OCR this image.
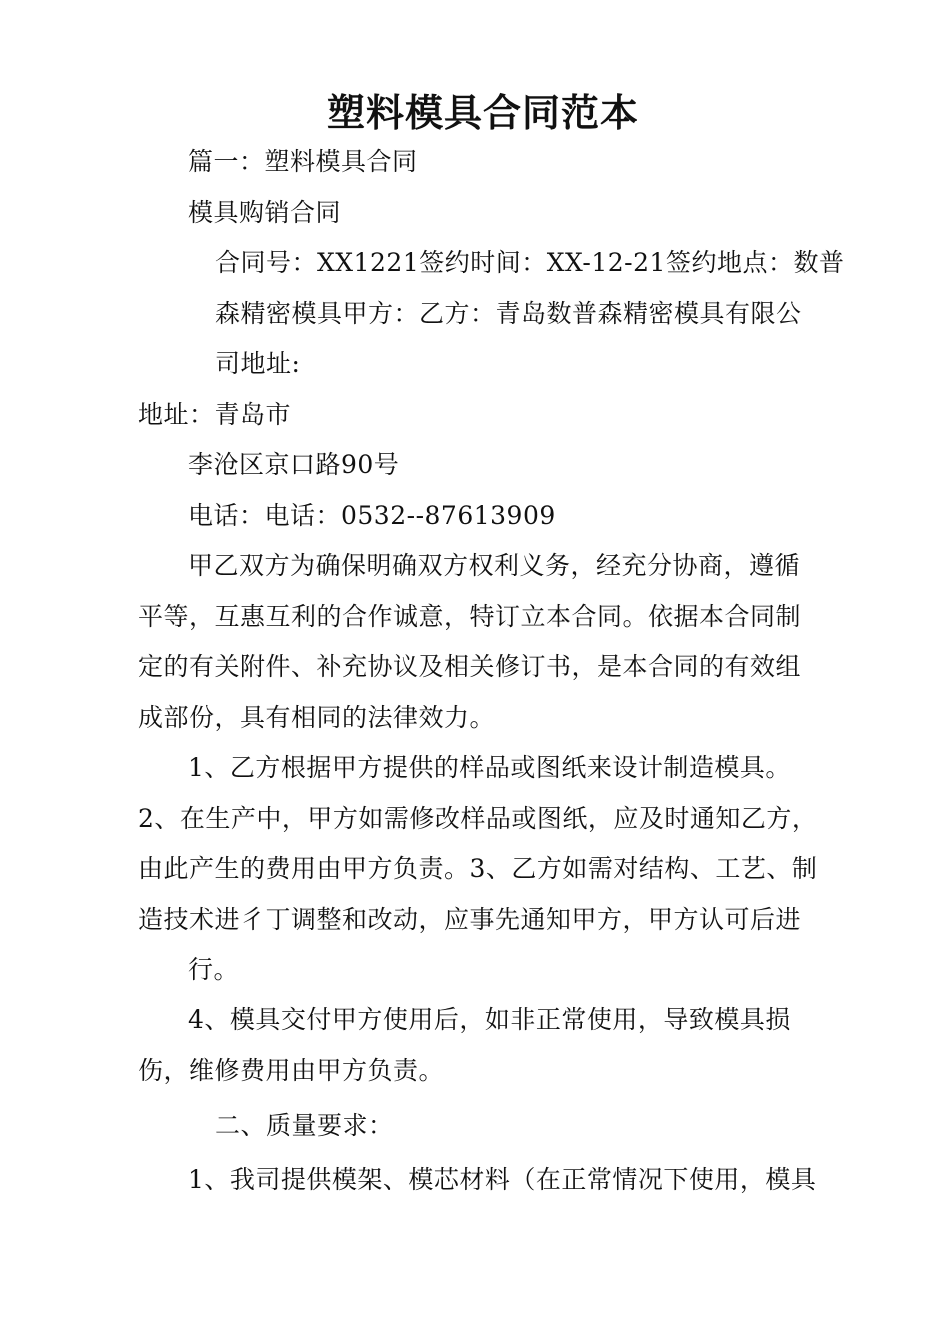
塑料模具合同范本
篇一：塑料模具合同
模具购销合同
合同号：XX1221签约时间：XX-12-21签约地点：数普
森精密模具甲方：乙方：青岛数普森精密模具有限公
司地址:
地址：青岛市
李沧区京口路90号
电话：电话：0532--87613909
甲乙双方为确保明确双方权利义务，经充分协商，遵循
平等，互惠互利的合作诚意，特订立本合同。依据本合同制
定的有关附件、补充协议及相关修订书，是本合同的有效组
成部份，具有相同的法律效力。
1、乙方根据甲方提供的样品或图纸来设计制造模具。
2、在生产中，甲方如需修改样品或图纸，应及时通知乙方，
由此产生的费用由甲方负责。3、乙方如需对结构、工艺、制
造技术进彳丁调整和改动，应事先通知甲方，甲方认可后进
行。
4、模具交付甲方使用后，如非正常使用，导致模具损
伤，维修费用由甲方负责。
二、质量要求：
1、我司提供模架、模芯材料（在正常情况下使用，模具
